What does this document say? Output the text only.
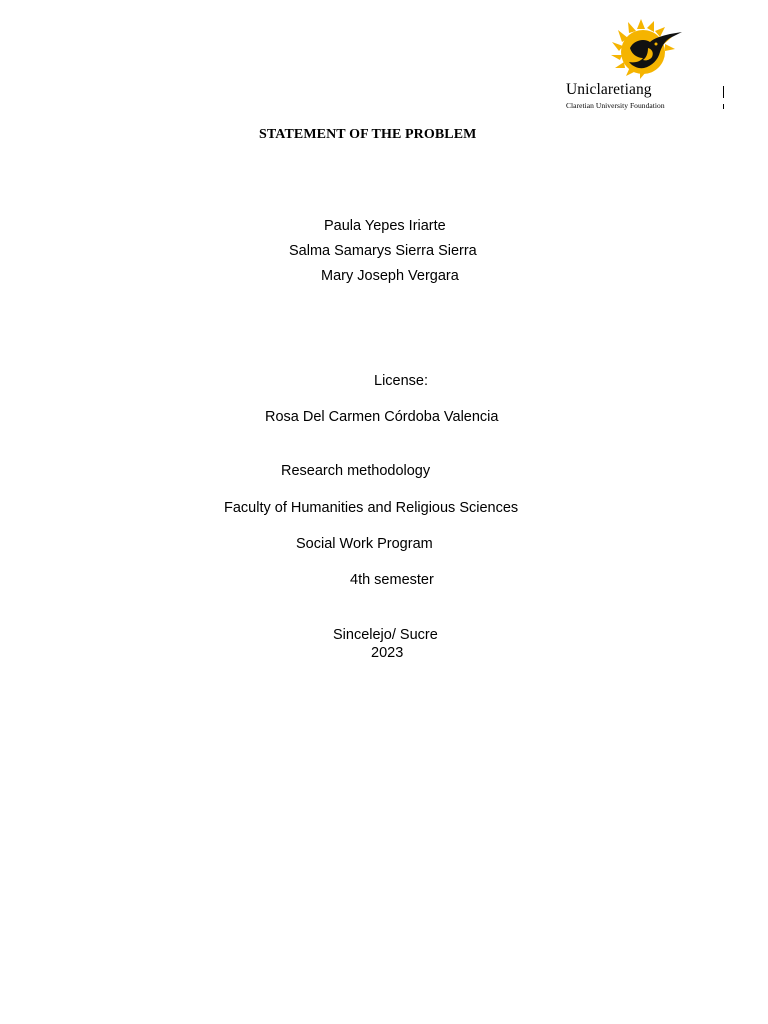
Uniclaretiang
Claretian University Foundation
STATEMENT OF THE PROBLEM
Paula Yepes Iriarte
Salma Samarys Sierra Sierra
Mary Joseph Vergara
License:
Rosa Del Carmen Córdoba Valencia
Research methodology
Faculty of Humanities and Religious Sciences
Social Work Program
4th semester
Sincelejo/ Sucre
2023
